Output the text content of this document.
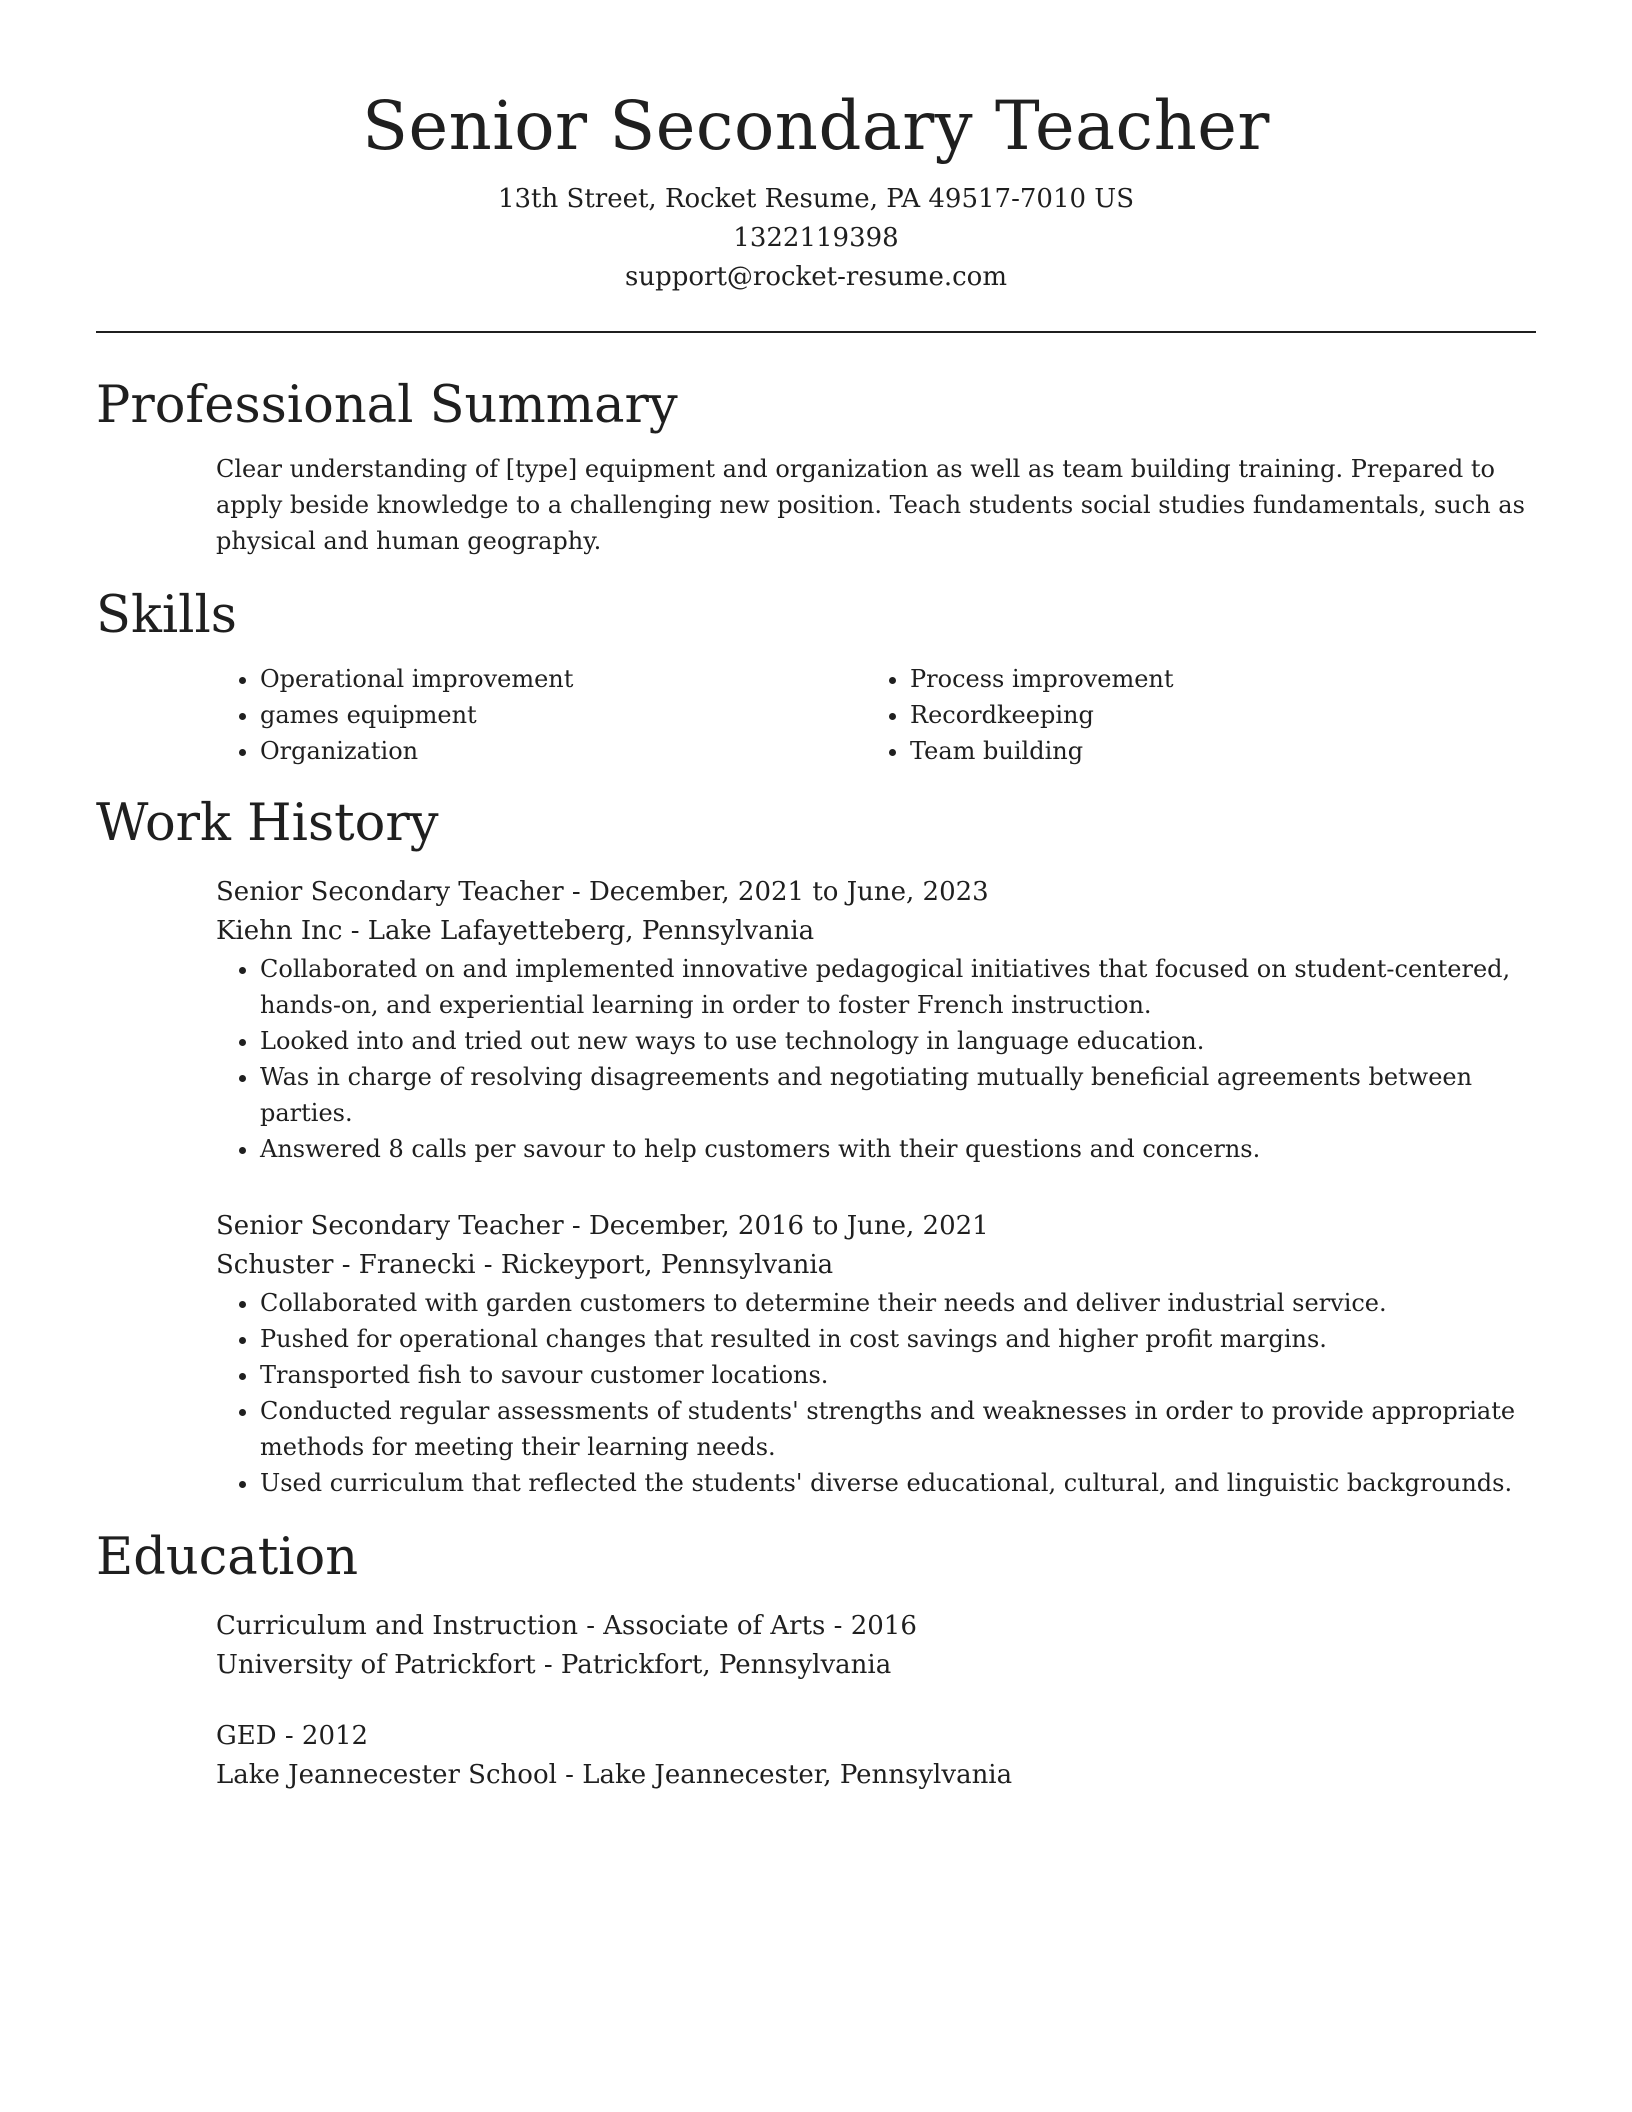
Senior Secondary Teacher
13th Street, Rocket Resume, PA 49517-7010 US
1322119398
support@rocket-resume.com
Professional Summary
Clear understanding of [type] equipment and organization as well as team building training. Prepared to apply beside knowledge to a challenging new position. Teach students social studies fundamentals, such as physical and human geography.
Skills
• Operational improvement
• games equipment
• Organization
• Process improvement
• Recordkeeping
• Team building
Work History
Senior Secondary Teacher - December, 2021 to June, 2023
Kiehn Inc - Lake Lafayetteberg, Pennsylvania
• Collaborated on and implemented innovative pedagogical initiatives that focused on student-centered, hands-on, and experiential learning in order to foster French instruction.
• Looked into and tried out new ways to use technology in language education.
• Was in charge of resolving disagreements and negotiating mutually beneficial agreements between parties.
• Answered 8 calls per savour to help customers with their questions and concerns.
Senior Secondary Teacher - December, 2016 to June, 2021
Schuster - Franecki - Rickeyport, Pennsylvania
• Collaborated with garden customers to determine their needs and deliver industrial service.
• Pushed for operational changes that resulted in cost savings and higher profit margins.
• Transported fish to savour customer locations.
• Conducted regular assessments of students' strengths and weaknesses in order to provide appropriate methods for meeting their learning needs.
• Used curriculum that reflected the students' diverse educational, cultural, and linguistic backgrounds.
Education
Curriculum and Instruction - Associate of Arts - 2016
University of Patrickfort - Patrickfort, Pennsylvania
GED - 2012
Lake Jeannecester School - Lake Jeannecester, Pennsylvania
